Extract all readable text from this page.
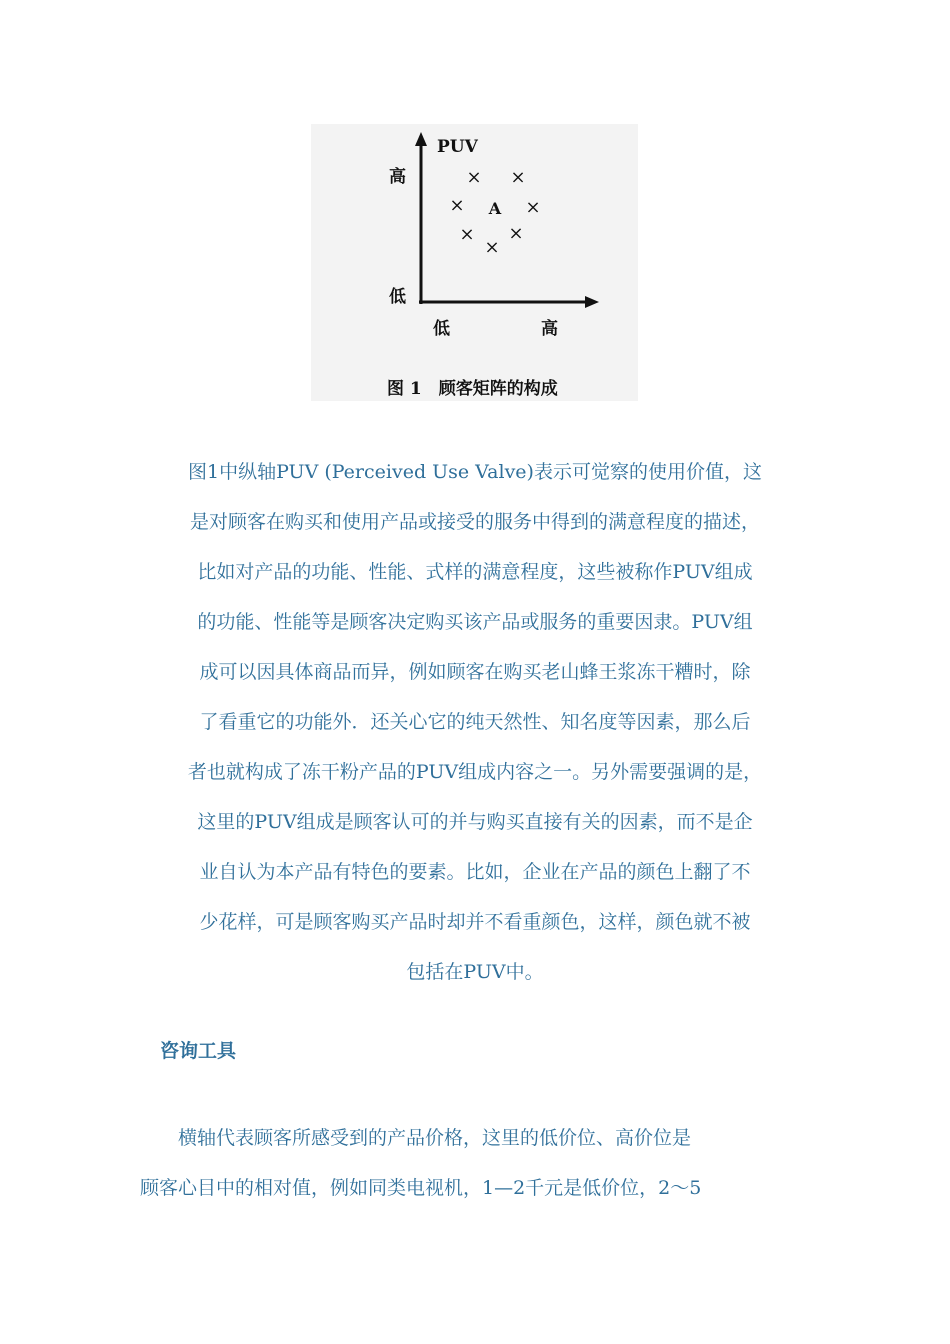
PUV
高
低
低	高
× ×
×	×
× ×
×
A
图 1　顾客矩阵的构成

图1中纵轴PUV (Perceived Use Valve)表示可觉察的使用价值，这
是对顾客在购买和使用产品或接受的服务中得到的满意程度的描述，
比如对产品的功能、性能、式样的满意程度，这些被称作PUV组成
的功能、性能等是顾客决定购买该产品或服务的重要因隶。PUV组
成可以因具体商品而异，例如顾客在购买老山蜂王浆冻干糟时，除
了看重它的功能外．还关心它的纯天然性、知名度等因素，那么后
者也就构成了冻干粉产品的PUV组成内容之一。另外需要强调的是，
这里的PUV组成是顾客认可的并与购买直接有关的因素，而不是企
业自认为本产品有特色的要素。比如，企业在产品的颜色上翻了不
少花样，可是顾客购买产品时却并不看重颜色，这样，颜色就不被
包括在PUV中。

咨询工具

　　横轴代表顾客所感受到的产品价格，这里的低价位、高价位是
顾客心目中的相对值，例如同类电视机，1—2千元是低价位，2～5
